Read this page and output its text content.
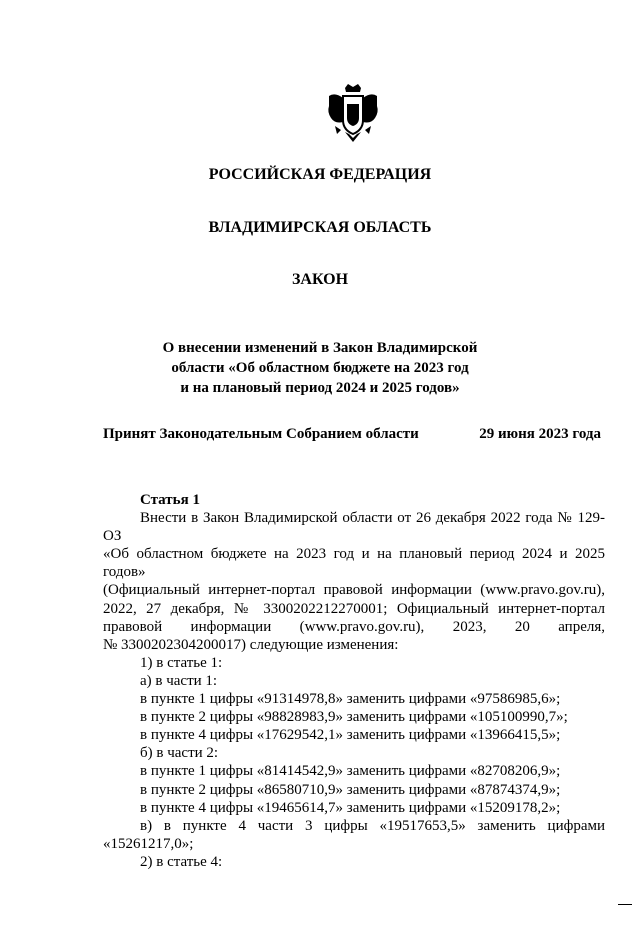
РОССИЙСКАЯ ФЕДЕРАЦИЯ
ВЛАДИМИРСКАЯ ОБЛАСТЬ
ЗАКОН
О внесении изменений в Закон Владимирской
области «Об областном бюджете на 2023 год
и на плановый период 2024 и 2025 годов»
Принят Законодательным Собранием области	29 июня 2023 года
Статья 1
Внести в Закон Владимирской области от 26 декабря 2022 года № 129-ОЗ
«Об областном бюджете на 2023 год и на плановый период 2024 и 2025 годов»
(Официальный интернет-портал правовой информации (www.pravo.gov.ru),
2022, 27 декабря, № 3300202212270001; Официальный интернет-портал
правовой информации (www.pravo.gov.ru), 2023, 20 апреля,
№ 3300202304200017) следующие изменения:
1) в статье 1:
а) в части 1:
в пункте 1 цифры «91314978,8» заменить цифрами «97586985,6»;
в пункте 2 цифры «98828983,9» заменить цифрами «105100990,7»;
в пункте 4 цифры «17629542,1» заменить цифрами «13966415,5»;
б) в части 2:
в пункте 1 цифры «81414542,9» заменить цифрами «82708206,9»;
в пункте 2 цифры «86580710,9» заменить цифрами «87874374,9»;
в пункте 4 цифры «19465614,7» заменить цифрами «15209178,2»;
в) в пункте 4 части 3 цифры «19517653,5» заменить цифрами
«15261217,0»;
2) в статье 4:
